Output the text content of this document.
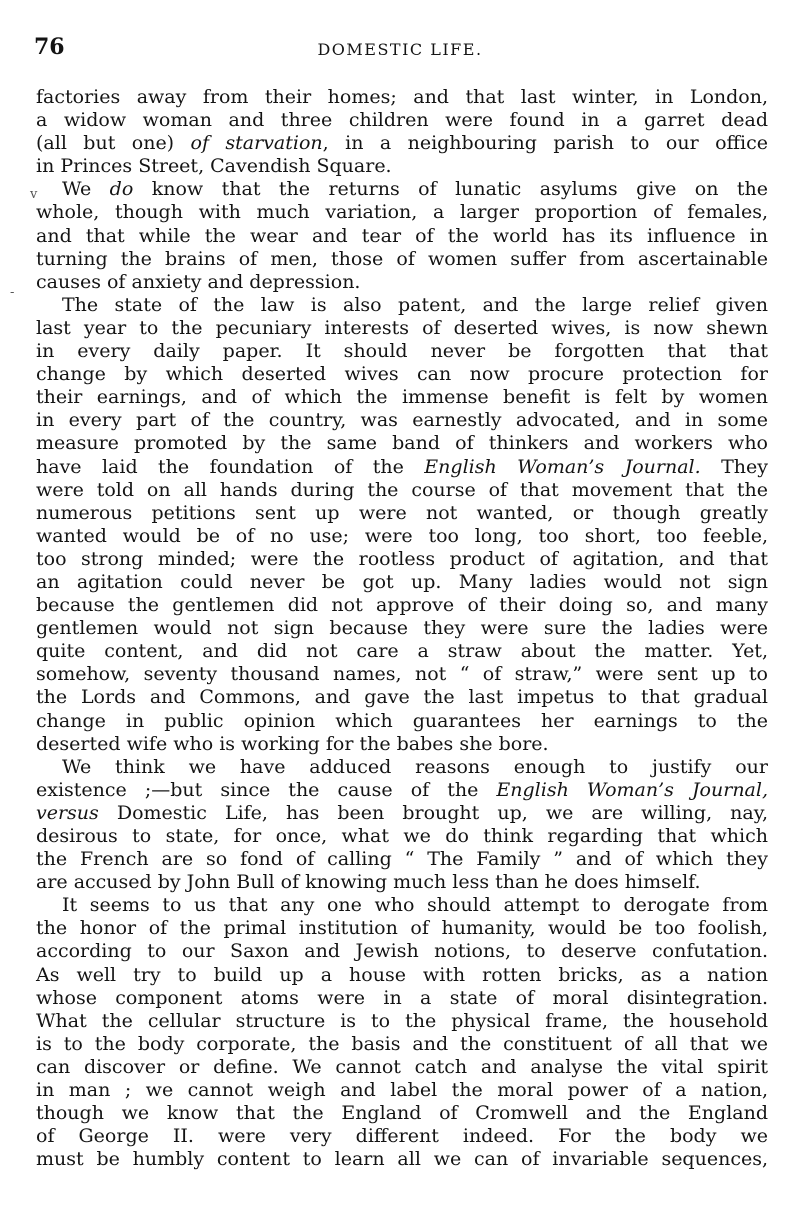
76	DOMESTIC LIFE.
v
-
factories away from their homes; and that last winter, in London,
a widow woman and three children were found in a garret dead
(all but one) of starvation, in a neighbouring parish to our office
in Princes Street, Cavendish Square.
We do know that the returns of lunatic asylums give on the
whole, though with much variation, a larger proportion of females,
and that while the wear and tear of the world has its influence in
turning the brains of men, those of women suffer from ascertainable
causes of anxiety and depression.
The state of the law is also patent, and the large relief given
last year to the pecuniary interests of deserted wives, is now shewn
in every daily paper. It should never be forgotten that that
change by which deserted wives can now procure protection for
their earnings, and of which the immense benefit is felt by women
in every part of the country, was earnestly advocated, and in some
measure promoted by the same band of thinkers and workers who
have laid the foundation of the English Woman’s Journal. They
were told on all hands during the course of that movement that the
numerous petitions sent up were not wanted, or though greatly
wanted would be of no use; were too long, too short, too feeble,
too strong minded; were the rootless product of agitation, and that
an agitation could never be got up. Many ladies would not sign
because the gentlemen did not approve of their doing so, and many
gentlemen would not sign because they were sure the ladies were
quite content, and did not care a straw about the matter. Yet,
somehow, seventy thousand names, not “ of straw,” were sent up to
the Lords and Commons, and gave the last impetus to that gradual
change in public opinion which guarantees her earnings to the
deserted wife who is working for the babes she bore.
We think we have adduced reasons enough to justify our
existence ;—but since the cause of the English Woman’s Journal,
versus Domestic Life, has been brought up, we are willing, nay,
desirous to state, for once, what we do think regarding that which
the French are so fond of calling “ The Family ” and of which they
are accused by John Bull of knowing much less than he does himself.
It seems to us that any one who should attempt to derogate from
the honor of the primal institution of humanity, would be too foolish,
according to our Saxon and Jewish notions, to deserve confutation.
As well try to build up a house with rotten bricks, as a nation
whose component atoms were in a state of moral disintegration.
What the cellular structure is to the physical frame, the household
is to the body corporate, the basis and the constituent of all that we
can discover or define. We cannot catch and analyse the vital spirit
in man ; we cannot weigh and label the moral power of a nation,
though we know that the England of Cromwell and the England
of George II. were very different indeed. For the body we
must be humbly content to learn all we can of invariable sequences,
